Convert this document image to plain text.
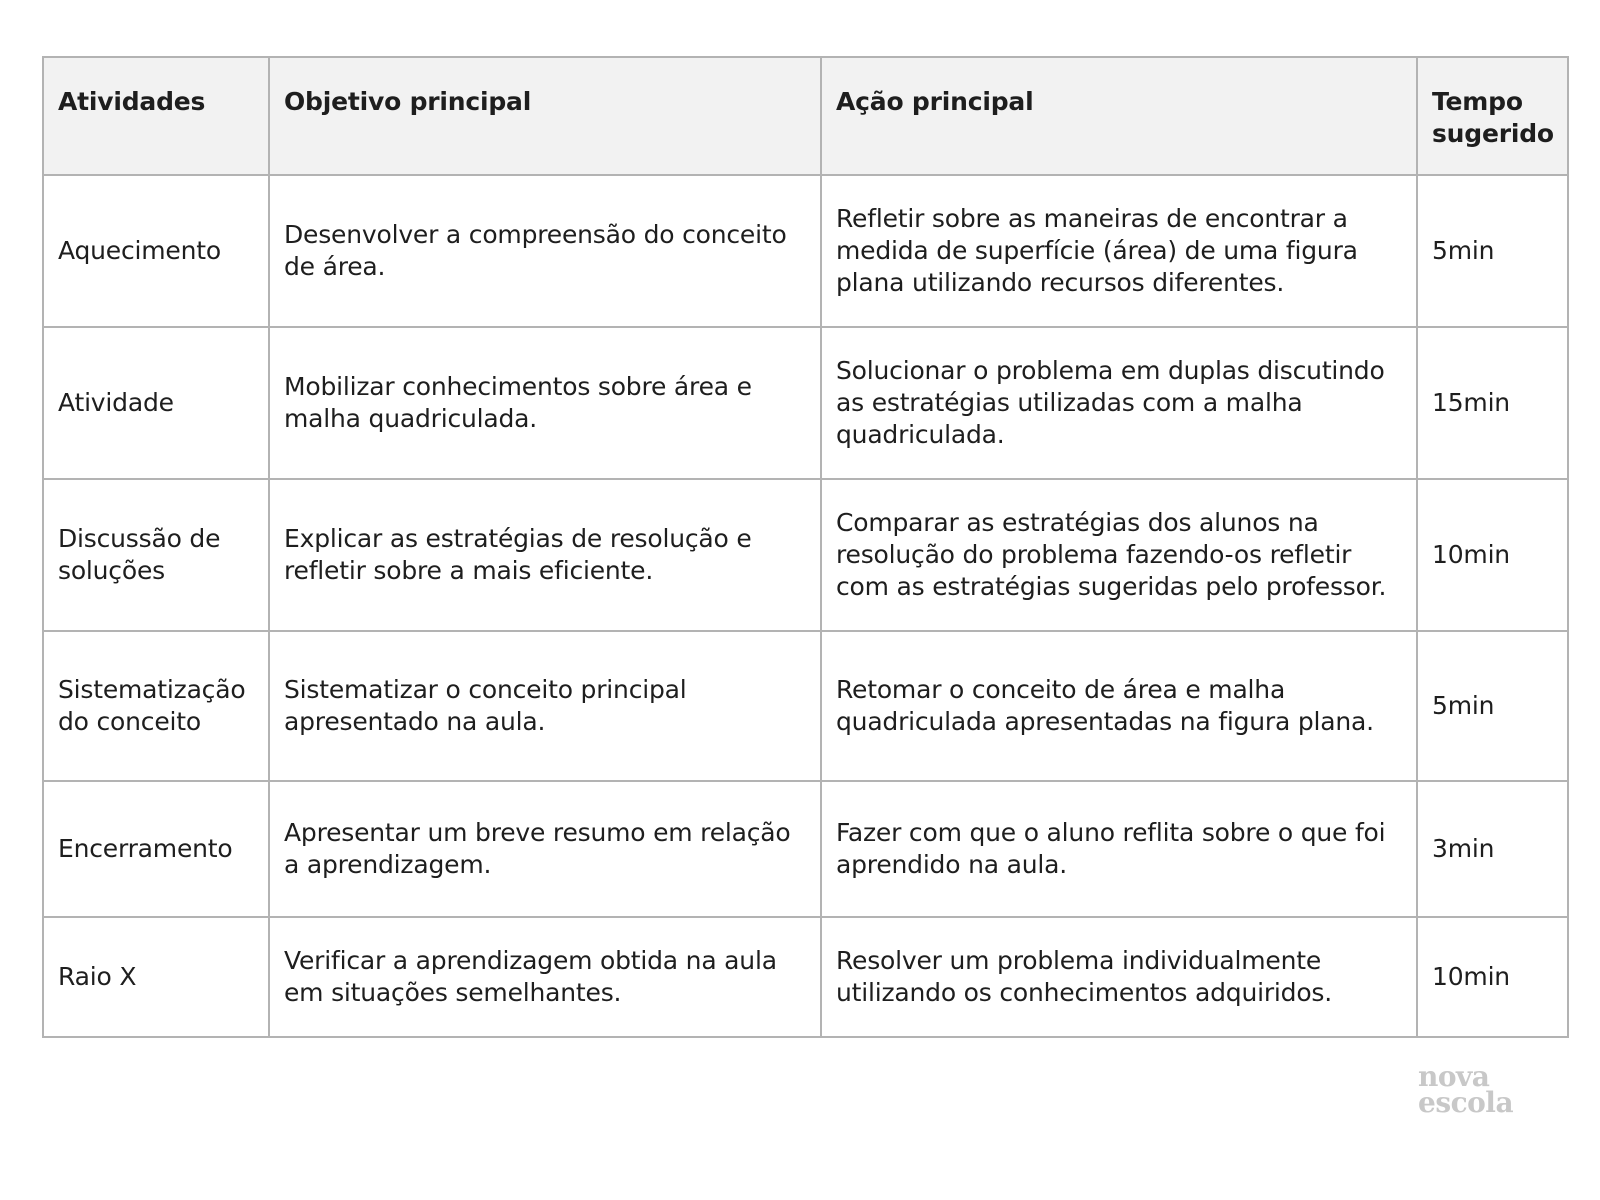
Atividades	Objetivo principal	Ação principal	Tempo sugerido
Aquecimento	Desenvolver a compreensão do conceito de área.	Refletir sobre as maneiras de encontrar a medida de superfície (área) de uma figura plana utilizando recursos diferentes.	5min
Atividade	Mobilizar conhecimentos sobre área e malha quadriculada.	Solucionar o problema em duplas discutindo as estratégias utilizadas com a malha quadriculada.	15min
Discussão de soluções	Explicar as estratégias de resolução e refletir sobre a mais eficiente.	Comparar as estratégias dos alunos na resolução do problema fazendo-os refletir com as estratégias sugeridas pelo professor.	10min
Sistematização do conceito	Sistematizar o conceito principal apresentado na aula.	Retomar o conceito de área e malha quadriculada apresentadas na figura plana.	5min
Encerramento	Apresentar um breve resumo em relação a aprendizagem.	Fazer com que o aluno reflita sobre o que foi aprendido na aula.	3min
Raio X	Verificar a aprendizagem obtida na aula em situações semelhantes.	Resolver um problema individualmente utilizando os conhecimentos adquiridos.	10min
nova
escola
